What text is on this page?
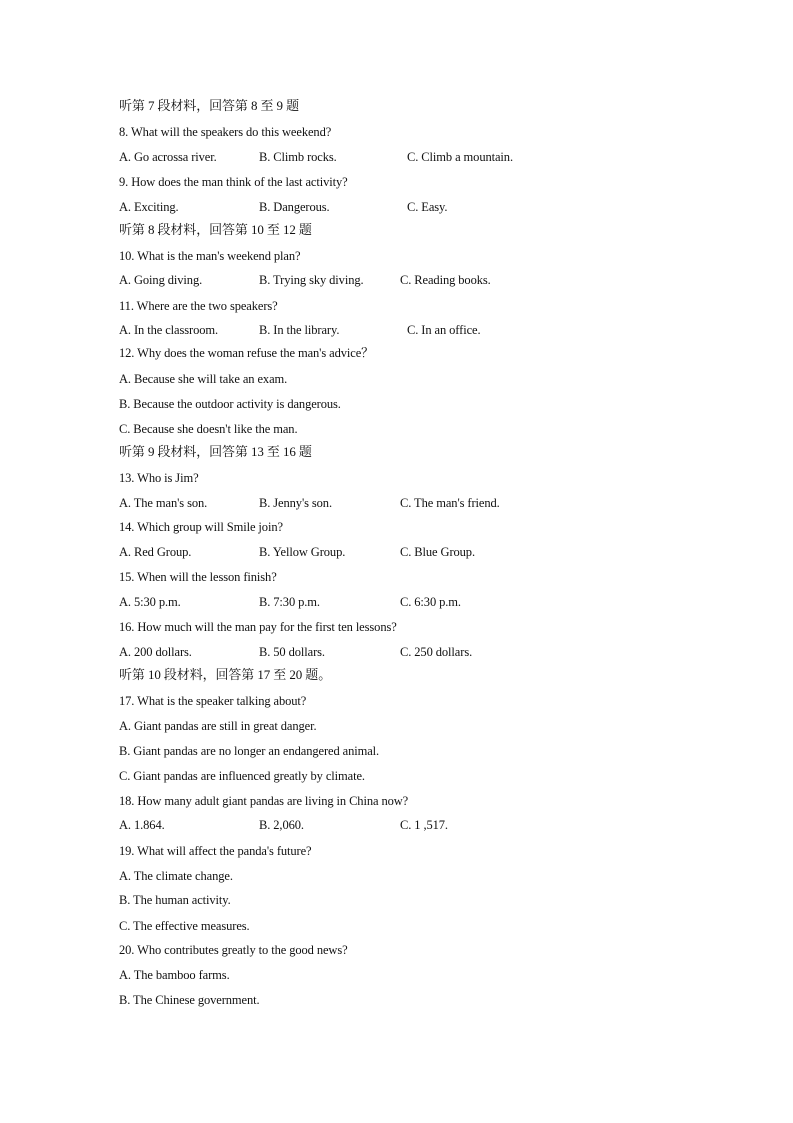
听第 7 段材料，回答第 8 至 9 题
8. What will the speakers do this weekend?
A. Go acrossa river.	B. Climb rocks.	C. Climb a mountain.
9. How does the man think of the last activity?
A. Exciting.	B. Dangerous.	C. Easy.
听第 8 段材料，回答第 10 至 12 题
10. What is the man's weekend plan?
A. Going diving.	B. Trying sky diving.	C. Reading books.
11. Where are the two speakers?
A. In the classroom.	B. In the library.	C. In an office.
12. Why does the woman refuse the man's advice？
A. Because she will take an exam.
B. Because the outdoor activity is dangerous.
C. Because she doesn't like the man.
听第 9 段材料，回答第 13 至 16 题
13. Who is Jim?
A. The man's son.	B. Jenny's son.	C. The man's friend.
14. Which group will Smile join?
A. Red Group.	B. Yellow Group.	C. Blue Group.
15. When will the lesson finish?
A. 5:30 p.m.	B. 7:30 p.m.	C. 6:30 p.m.
16. How much will the man pay for the first ten lessons?
A. 200 dollars.	B. 50 dollars.	C. 250 dollars.
听第 10 段材料，回答第 17 至 20 题。
17. What is the speaker talking about?
A. Giant pandas are still in great danger.
B. Giant pandas are no longer an endangered animal.
C. Giant pandas are influenced greatly by climate.
18. How many adult giant pandas are living in China now?
A. 1.864.	B. 2,060.	C. 1 ,517.
19. What will affect the panda's future?
A. The climate change.
B. The human activity.
C. The effective measures.
20. Who contributes greatly to the good news?
A. The bamboo farms.
B. The Chinese government.
